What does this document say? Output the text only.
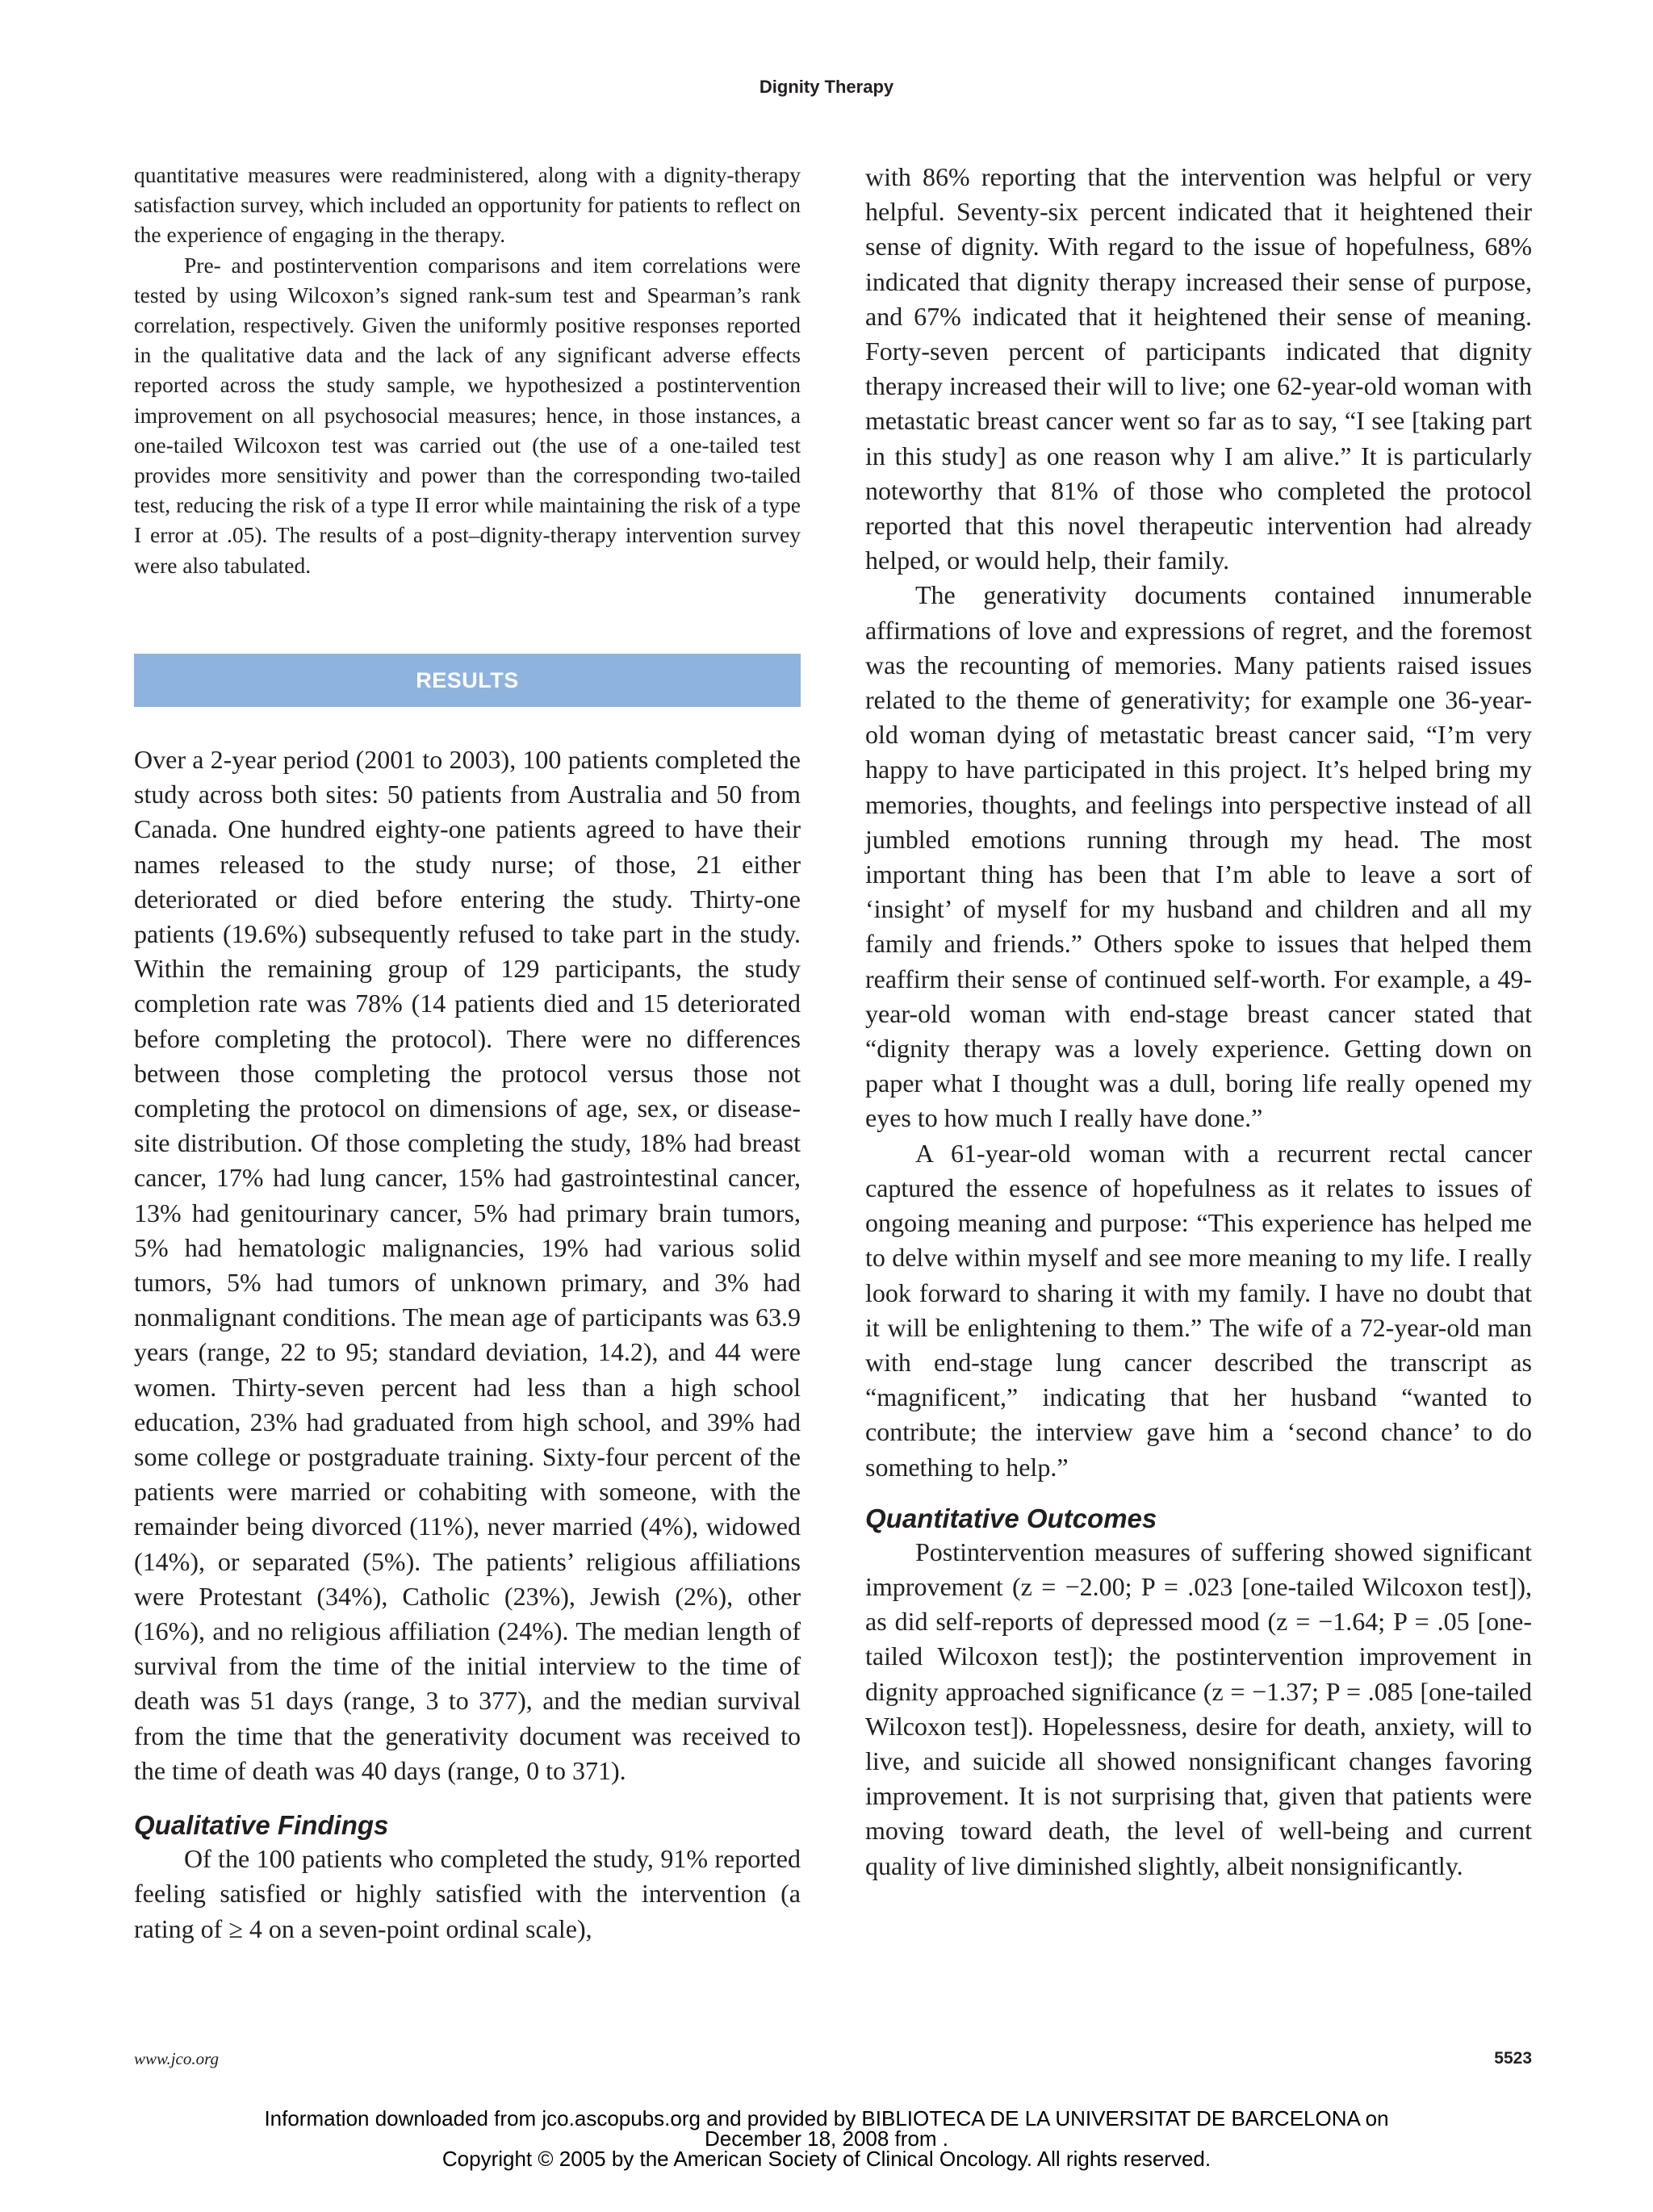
Dignity Therapy

quantitative measures were readministered, along with a dignity-therapy satisfaction survey, which included an opportunity for patients to reflect on the experience of engaging in the therapy.

Pre- and postintervention comparisons and item correlations were tested by using Wilcoxon’s signed rank-sum test and Spearman’s rank correlation, respectively. Given the uniformly positive responses reported in the qualitative data and the lack of any significant adverse effects reported across the study sample, we hypothesized a postintervention improvement on all psychosocial measures; hence, in those instances, a one-tailed Wilcoxon test was carried out (the use of a one-tailed test provides more sensitivity and power than the corresponding two-tailed test, reducing the risk of a type II error while maintaining the risk of a type I error at .05). The results of a post–dignity-therapy intervention survey were also tabulated.

RESULTS

Over a 2-year period (2001 to 2003), 100 patients completed the study across both sites: 50 patients from Australia and 50 from Canada. One hundred eighty-one patients agreed to have their names released to the study nurse; of those, 21 either deteriorated or died before entering the study. Thirty-one patients (19.6%) subsequently refused to take part in the study. Within the remaining group of 129 participants, the study completion rate was 78% (14 patients died and 15 deteriorated before completing the protocol). There were no differences between those completing the protocol versus those not completing the protocol on dimensions of age, sex, or disease-site distribution. Of those completing the study, 18% had breast cancer, 17% had lung cancer, 15% had gastrointestinal cancer, 13% had genitourinary cancer, 5% had primary brain tumors, 5% had hematologic malignancies, 19% had various solid tumors, 5% had tumors of unknown primary, and 3% had nonmalignant conditions. The mean age of participants was 63.9 years (range, 22 to 95; standard deviation, 14.2), and 44 were women. Thirty-seven percent had less than a high school education, 23% had graduated from high school, and 39% had some college or postgraduate training. Sixty-four percent of the patients were married or cohabiting with someone, with the remainder being divorced (11%), never married (4%), widowed (14%), or separated (5%). The patients’ religious affiliations were Protestant (34%), Catholic (23%), Jewish (2%), other (16%), and no religious affiliation (24%). The median length of survival from the time of the initial interview to the time of death was 51 days (range, 3 to 377), and the median survival from the time that the generativity document was received to the time of death was 40 days (range, 0 to 371).

Qualitative Findings

Of the 100 patients who completed the study, 91% reported feeling satisfied or highly satisfied with the intervention (a rating of ≥ 4 on a seven-point ordinal scale),

with 86% reporting that the intervention was helpful or very helpful. Seventy-six percent indicated that it heightened their sense of dignity. With regard to the issue of hopefulness, 68% indicated that dignity therapy increased their sense of purpose, and 67% indicated that it heightened their sense of meaning. Forty-seven percent of participants indicated that dignity therapy increased their will to live; one 62-year-old woman with metastatic breast cancer went so far as to say, “I see [taking part in this study] as one reason why I am alive.” It is particularly noteworthy that 81% of those who completed the protocol reported that this novel therapeutic intervention had already helped, or would help, their family.

The generativity documents contained innumerable affirmations of love and expressions of regret, and the foremost was the recounting of memories. Many patients raised issues related to the theme of generativity; for example one 36-year-old woman dying of metastatic breast cancer said, “I’m very happy to have participated in this project. It’s helped bring my memories, thoughts, and feelings into perspective instead of all jumbled emotions running through my head. The most important thing has been that I’m able to leave a sort of ‘insight’ of myself for my husband and children and all my family and friends.” Others spoke to issues that helped them reaffirm their sense of continued self-worth. For example, a 49-year-old woman with end-stage breast cancer stated that “dignity therapy was a lovely experience. Getting down on paper what I thought was a dull, boring life really opened my eyes to how much I really have done.”

A 61-year-old woman with a recurrent rectal cancer captured the essence of hopefulness as it relates to issues of ongoing meaning and purpose: “This experience has helped me to delve within myself and see more meaning to my life. I really look forward to sharing it with my family. I have no doubt that it will be enlightening to them.” The wife of a 72-year-old man with end-stage lung cancer described the transcript as “magnificent,” indicating that her husband “wanted to contribute; the interview gave him a ‘second chance’ to do something to help.”

Quantitative Outcomes

Postintervention measures of suffering showed significant improvement (z = −2.00; P = .023 [one-tailed Wilcoxon test]), as did self-reports of depressed mood (z = −1.64; P = .05 [one-tailed Wilcoxon test]); the postintervention improvement in dignity approached significance (z = −1.37; P = .085 [one-tailed Wilcoxon test]). Hopelessness, desire for death, anxiety, will to live, and suicide all showed nonsignificant changes favoring improvement. It is not surprising that, given that patients were moving toward death, the level of well-being and current quality of live diminished slightly, albeit nonsignificantly.

www.jco.org	5523
Information downloaded from jco.ascopubs.org and provided by BIBLIOTECA DE LA UNIVERSITAT DE BARCELONA on
December 18, 2008 from .
Copyright © 2005 by the American Society of Clinical Oncology. All rights reserved.
